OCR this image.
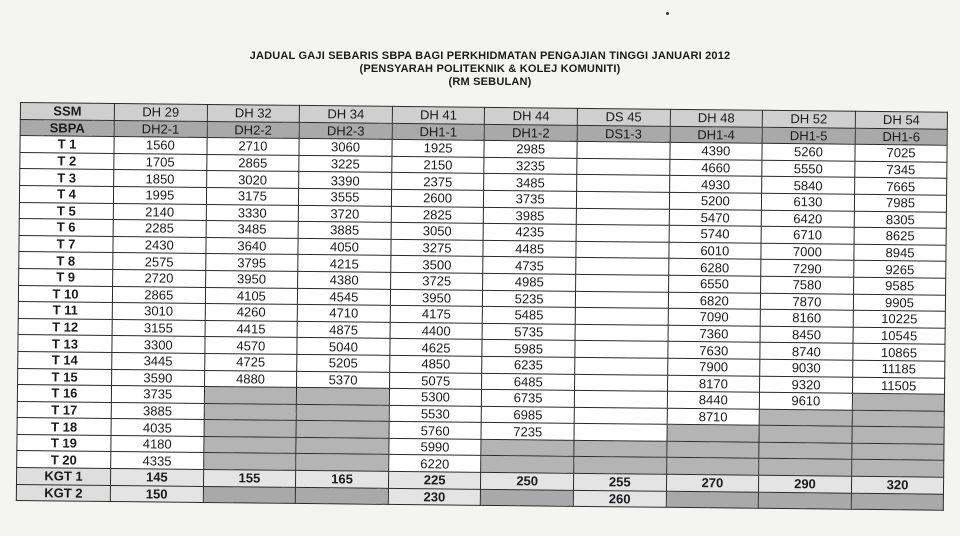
JADUAL GAJI SEBARIS SBPA BAGI PERKHIDMATAN PENGAJIAN TINGGI JANUARI 2012
(PENSYARAH POLITEKNIK & KOLEJ KOMUNITI)
(RM SEBULAN)
SSM	DH 29	DH 32	DH 34	DH 41	DH 44	DS 45	DH 48	DH 52	DH 54
SBPA	DH2-1	DH2-2	DH2-3	DH1-1	DH1-2	DS1-3	DH1-4	DH1-5	DH1-6
T 1	1560	2710	3060	1925	2985		4390	5260	7025
T 2	1705	2865	3225	2150	3235		4660	5550	7345
T 3	1850	3020	3390	2375	3485		4930	5840	7665
T 4	1995	3175	3555	2600	3735		5200	6130	7985
T 5	2140	3330	3720	2825	3985		5470	6420	8305
T 6	2285	3485	3885	3050	4235		5740	6710	8625
T 7	2430	3640	4050	3275	4485		6010	7000	8945
T 8	2575	3795	4215	3500	4735		6280	7290	9265
T 9	2720	3950	4380	3725	4985		6550	7580	9585
T 10	2865	4105	4545	3950	5235		6820	7870	9905
T 11	3010	4260	4710	4175	5485		7090	8160	10225
T 12	3155	4415	4875	4400	5735		7360	8450	10545
T 13	3300	4570	5040	4625	5985		7630	8740	10865
T 14	3445	4725	5205	4850	6235		7900	9030	11185
T 15	3590	4880	5370	5075	6485		8170	9320	11505
T 16	3735			5300	6735		8440	9610	
T 17	3885			5530	6985		8710		
T 18	4035			5760	7235				
T 19	4180			5990					
T 20	4335			6220					
KGT 1	145	155	165	225	250	255	270	290	320
KGT 2	150			230		260			
